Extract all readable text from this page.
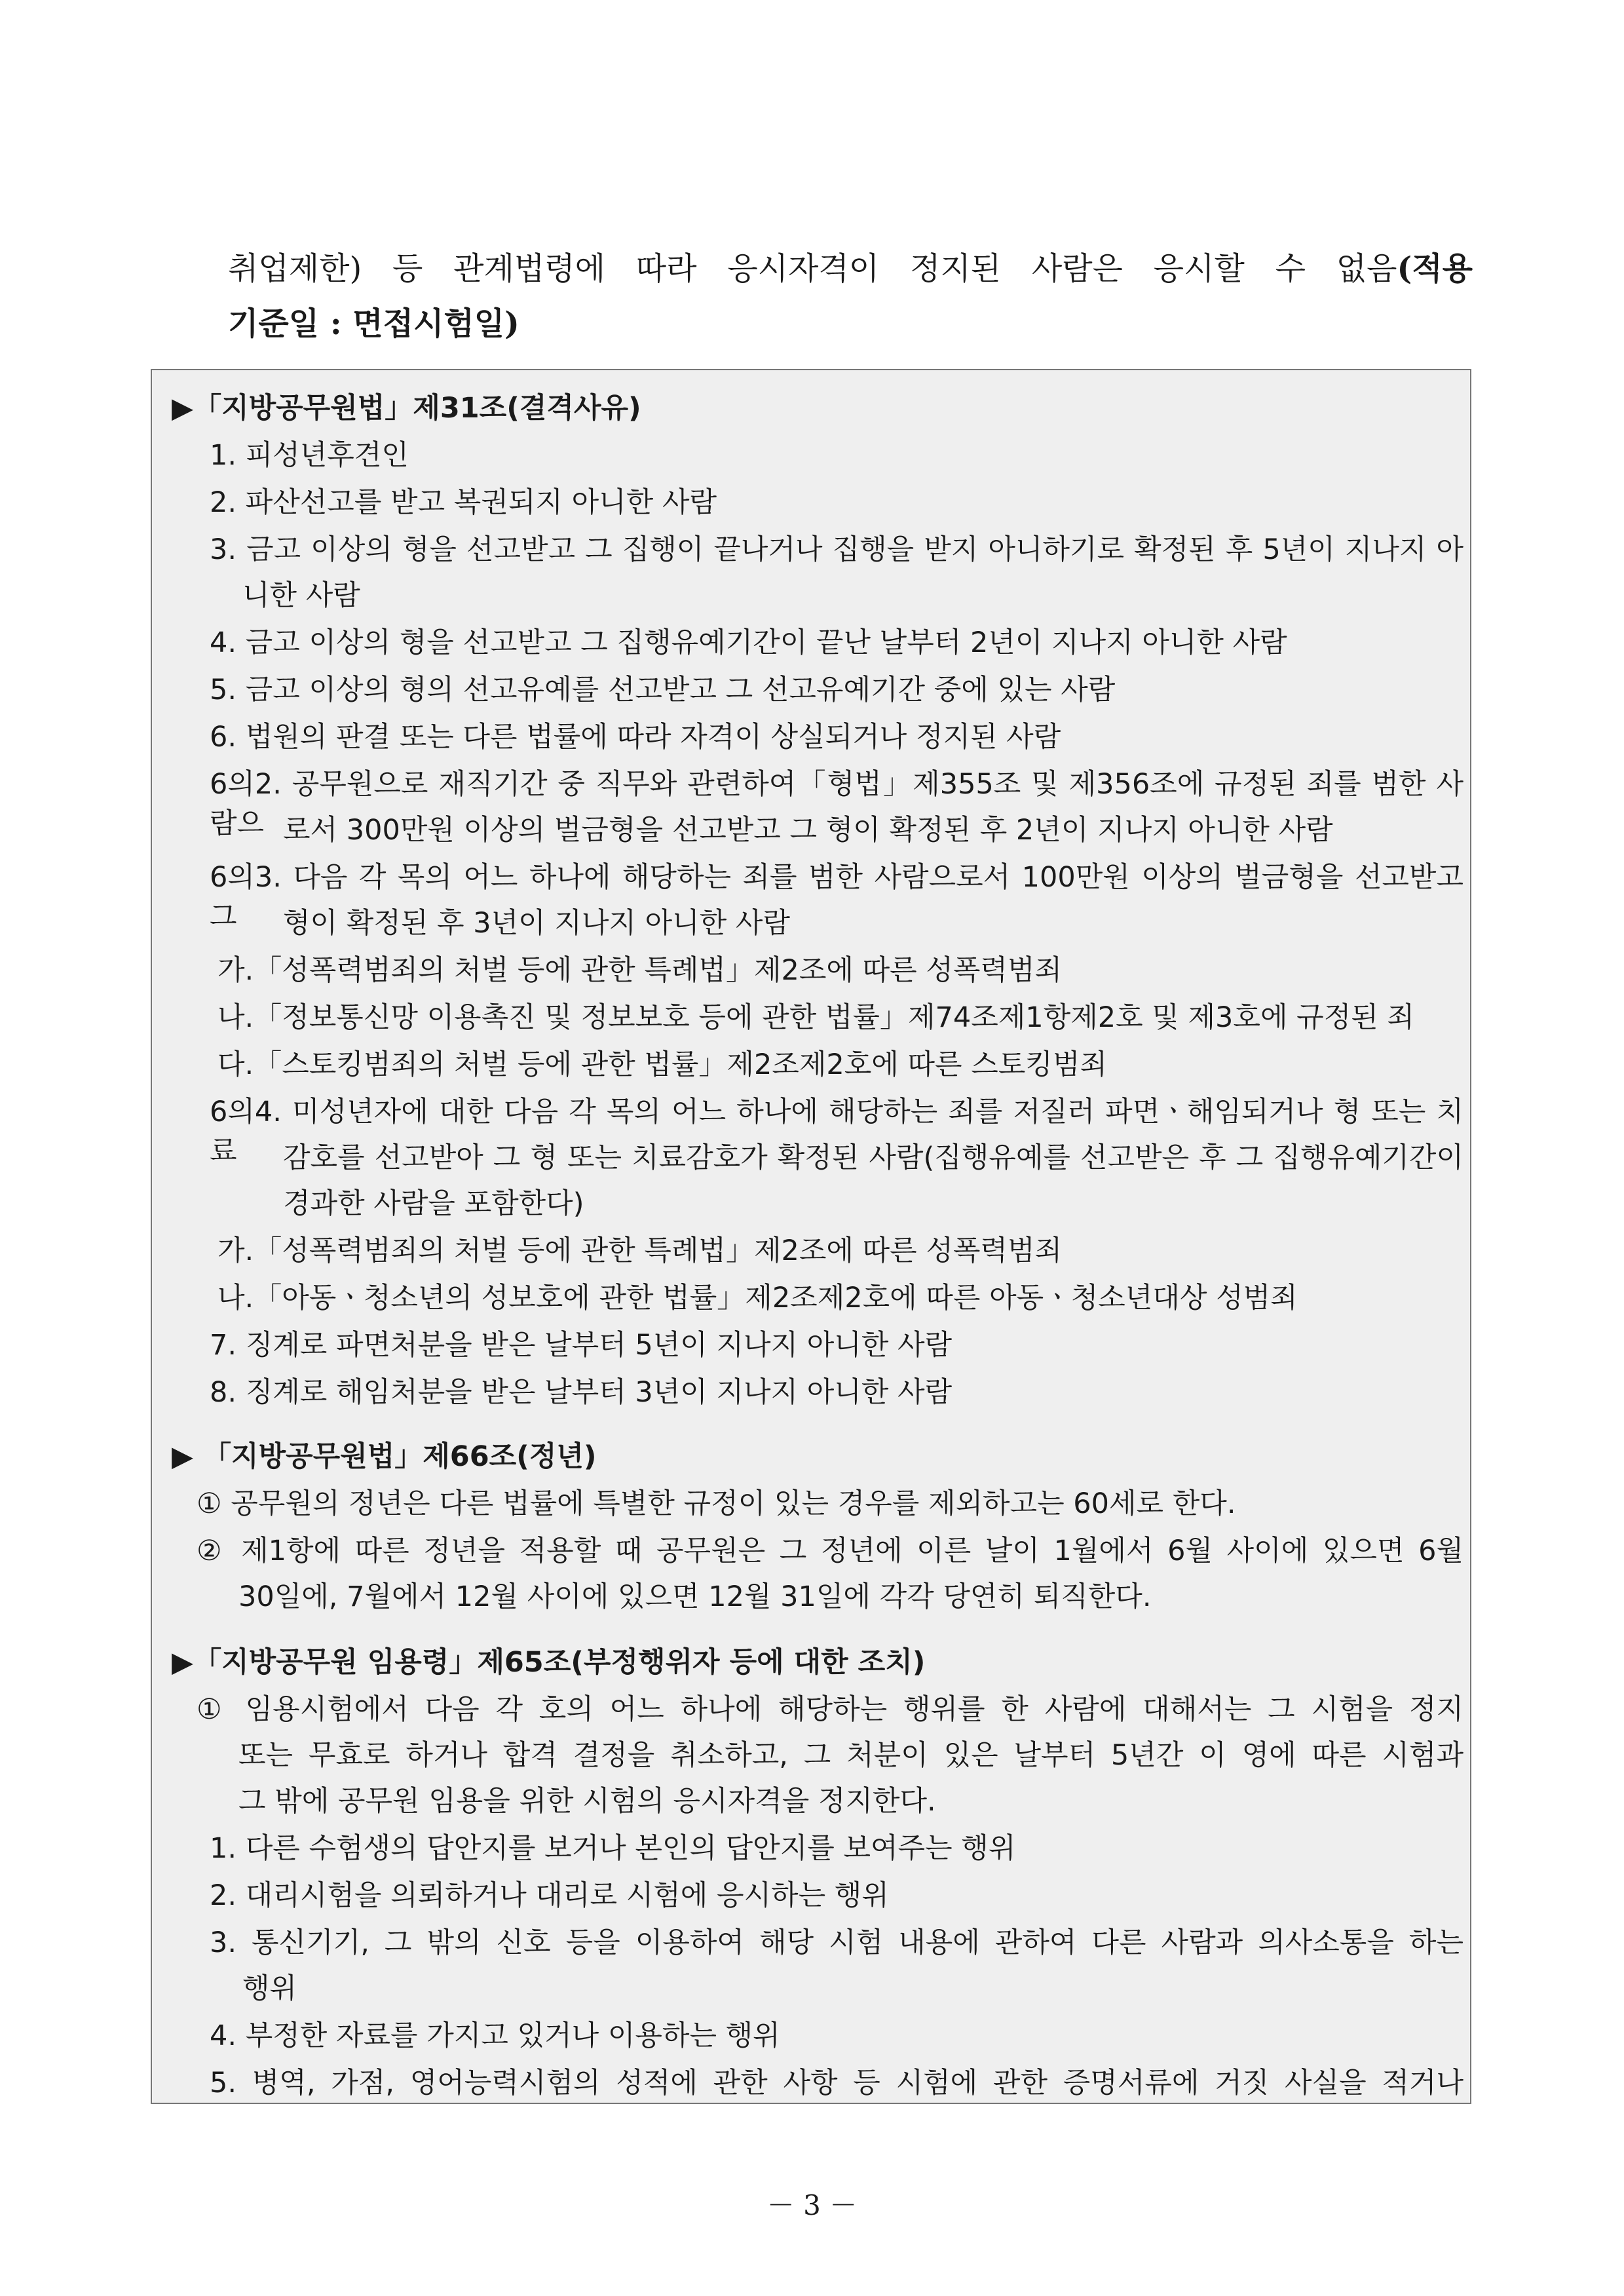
취업제한) 등 관계법령에 따라 응시자격이 정지된 사람은 응시할 수 없음(적용
기준일 : 면접시험일)
▶「지방공무원법」제31조(결격사유)
1. 피성년후견인
2. 파산선고를 받고 복권되지 아니한 사람
3. 금고 이상의 형을 선고받고 그 집행이 끝나거나 집행을 받지 아니하기로 확정된 후 5년이 지나지 아
니한 사람
4. 금고 이상의 형을 선고받고 그 집행유예기간이 끝난 날부터 2년이 지나지 아니한 사람
5. 금고 이상의 형의 선고유예를 선고받고 그 선고유예기간 중에 있는 사람
6. 법원의 판결 또는 다른 법률에 따라 자격이 상실되거나 정지된 사람
6의2. 공무원으로 재직기간 중 직무와 관련하여「형법」제355조 및 제356조에 규정된 죄를 범한 사람으 로서 300만원 이상의 벌금형을 선고받고 그 형이 확정된 후 2년이 지나지 아니한 사람
6의3. 다음 각 목의 어느 하나에 해당하는 죄를 범한 사람으로서 100만원 이상의 벌금형을 선고받고 그	형이 확정된 후 3년이 지나지 아니한 사람
가.「성폭력범죄의 처벌 등에 관한 특례법」제2조에 따른 성폭력범죄
나.「정보통신망 이용촉진 및 정보보호 등에 관한 법률」제74조제1항제2호 및 제3호에 규정된 죄
다.「스토킹범죄의 처벌 등에 관한 법률」제2조제2호에 따른 스토킹범죄
6의4. 미성년자에 대한 다음 각 목의 어느 하나에 해당하는 죄를 저질러 파면ㆍ해임되거나 형 또는 치료	감호를 선고받아 그 형 또는 치료감호가 확정된 사람(집행유예를 선고받은 후 그 집행유예기간이
경과한 사람을 포함한다)
가.「성폭력범죄의 처벌 등에 관한 특례법」제2조에 따른 성폭력범죄
나.「아동ㆍ청소년의 성보호에 관한 법률」제2조제2호에 따른 아동ㆍ청소년대상 성범죄
7. 징계로 파면처분을 받은 날부터 5년이 지나지 아니한 사람
8. 징계로 해임처분을 받은 날부터 3년이 지나지 아니한 사람
▶ 「지방공무원법」제66조(정년)
① 공무원의 정년은 다른 법률에 특별한 규정이 있는 경우를 제외하고는 60세로 한다.
② 제1항에 따른 정년을 적용할 때 공무원은 그 정년에 이른 날이 1월에서 6월 사이에 있으면 6월
30일에, 7월에서 12월 사이에 있으면 12월 31일에 각각 당연히 퇴직한다.
▶「지방공무원 임용령」제65조(부정행위자 등에 대한 조치)
① 임용시험에서 다음 각 호의 어느 하나에 해당하는 행위를 한 사람에 대해서는 그 시험을 정지
또는 무효로 하거나 합격 결정을 취소하고, 그 처분이 있은 날부터 5년간 이 영에 따른 시험과
그 밖에 공무원 임용을 위한 시험의 응시자격을 정지한다.
1. 다른 수험생의 답안지를 보거나 본인의 답안지를 보여주는 행위
2. 대리시험을 의뢰하거나 대리로 시험에 응시하는 행위
3. 통신기기, 그 밖의 신호 등을 이용하여 해당 시험 내용에 관하여 다른 사람과 의사소통을 하는
행위
4. 부정한 자료를 가지고 있거나 이용하는 행위
5. 병역, 가점, 영어능력시험의 성적에 관한 사항 등 시험에 관한 증명서류에 거짓 사실을 적거나
－ 3 －
